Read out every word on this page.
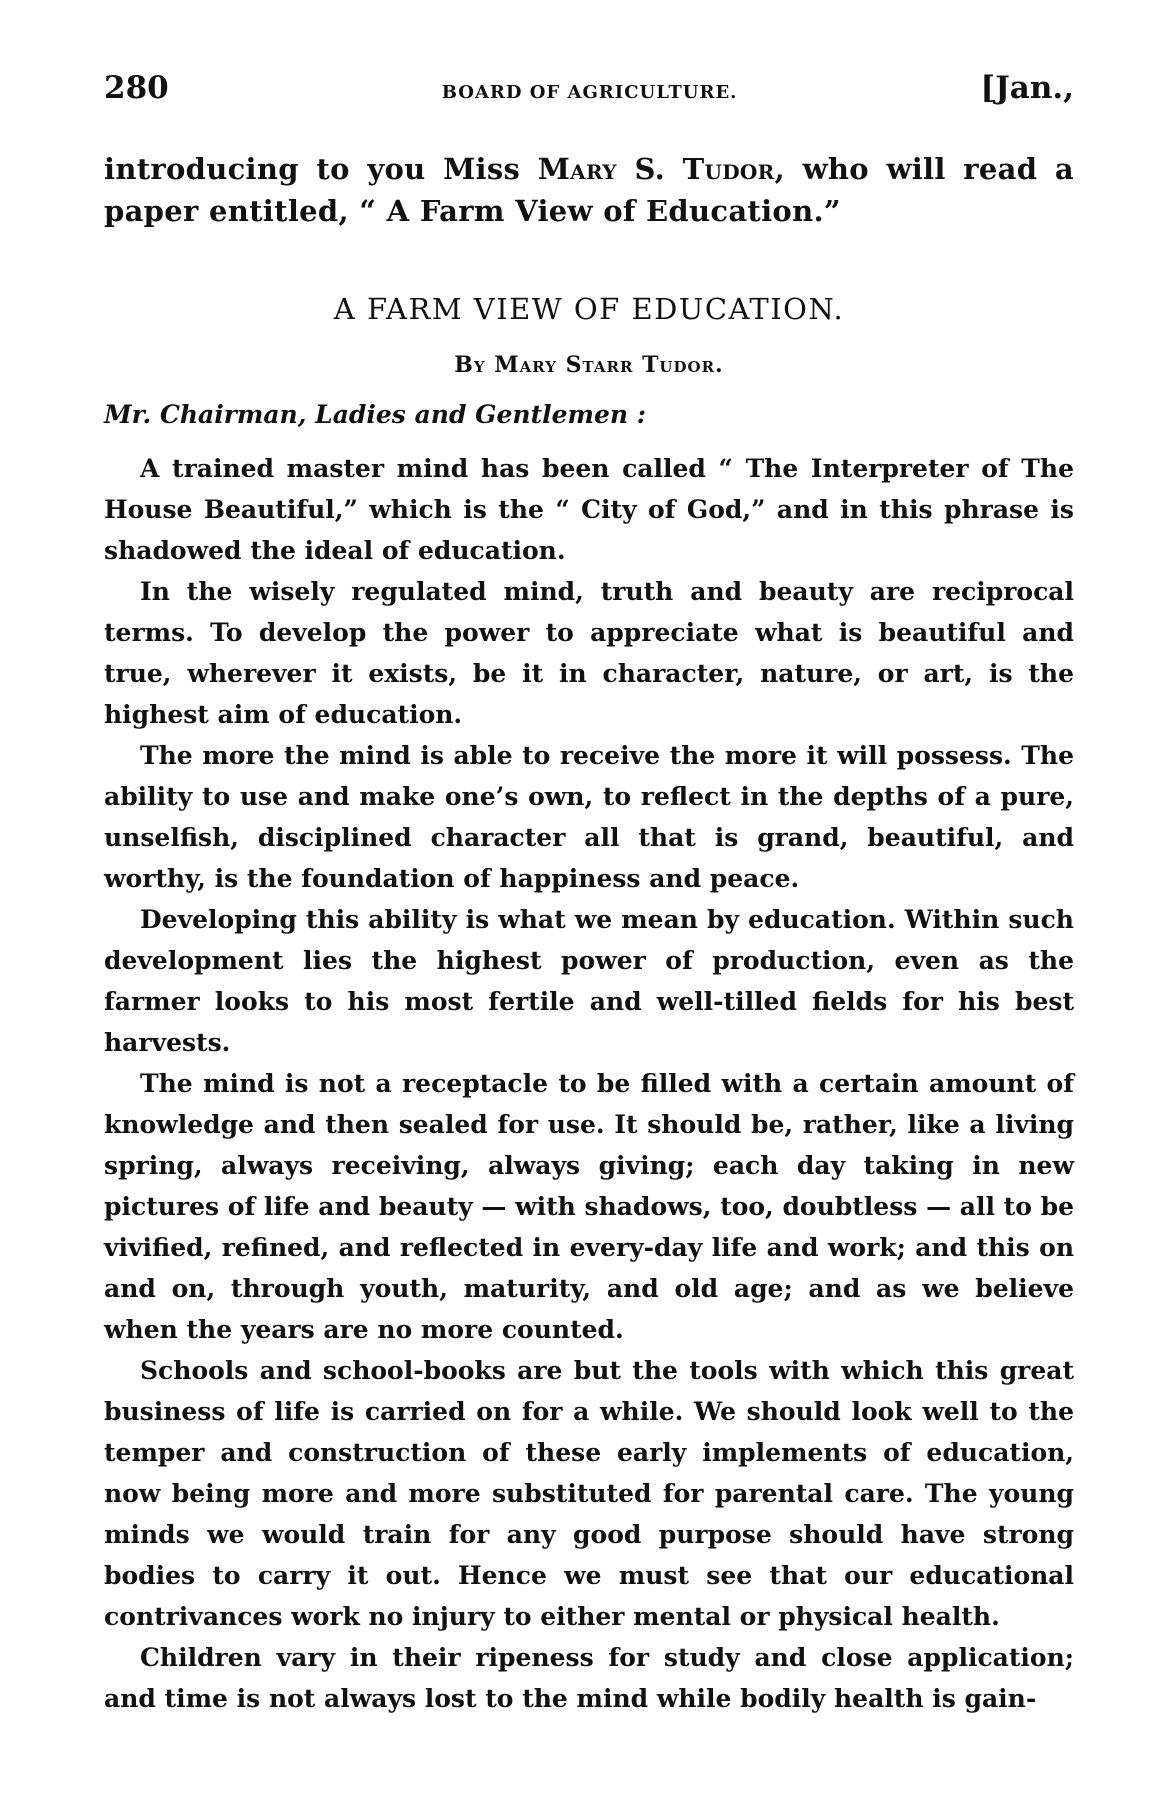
280	BOARD OF AGRICULTURE.	[Jan.,
introducing to you Miss Mary S. Tudor, who will read a paper entitled, “ A Farm View of Education.”
A FARM VIEW OF EDUCATION.
By Mary Starr Tudor.
Mr. Chairman, Ladies and Gentlemen :

A trained master mind has been called “ The Interpreter of The House Beautiful,” which is the “ City of God,” and in this phrase is shadowed the ideal of education.

In the wisely regulated mind, truth and beauty are reciprocal terms. To develop the power to appreciate what is beautiful and true, wherever it exists, be it in character, nature, or art, is the highest aim of education.

The more the mind is able to receive the more it will possess. The ability to use and make one’s own, to reflect in the depths of a pure, unselfish, disciplined character all that is grand, beautiful, and worthy, is the foundation of happiness and peace.

Developing this ability is what we mean by education. Within such development lies the highest power of production, even as the farmer looks to his most fertile and well-tilled fields for his best harvests.

The mind is not a receptacle to be filled with a certain amount of knowledge and then sealed for use. It should be, rather, like a living spring, always receiving, always giving; each day taking in new pictures of life and beauty — with shadows, too, doubtless — all to be vivified, refined, and reflected in every-day life and work; and this on and on, through youth, maturity, and old age; and as we believe when the years are no more counted.

Schools and school-books are but the tools with which this great business of life is carried on for a while. We should look well to the temper and construction of these early implements of education, now being more and more substituted for parental care. The young minds we would train for any good purpose should have strong bodies to carry it out. Hence we must see that our educational contrivances work no injury to either mental or physical health.

Children vary in their ripeness for study and close application; and time is not always lost to the mind while bodily health is gain-
